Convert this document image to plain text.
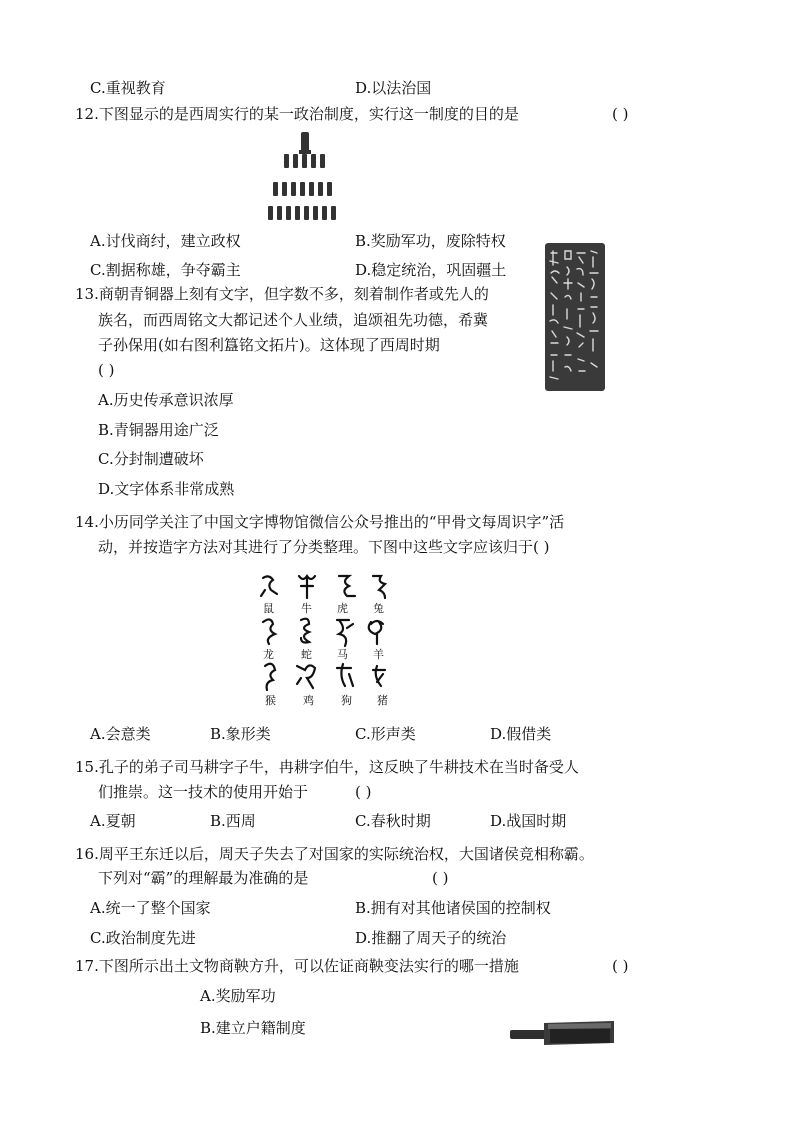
C.重视教育	D.以法治国
12.下图显示的是西周实行的某一政治制度，实行这一制度的目的是	( )
A.讨伐商纣，建立政权	B.奖励军功，废除特权
C.割据称雄，争夺霸主	D.稳定统治，巩固疆土
13.商朝青铜器上刻有文字，但字数不多，刻着制作者或先人的
族名，而西周铭文大都记述个人业绩，追颂祖先功德，希冀
子孙保用(如右图利簋铭文拓片)。这体现了西周时期
( )
A.历史传承意识浓厚
B.青铜器用途广泛
C.分封制遭破坏
D.文字体系非常成熟
14.小历同学关注了中国文字博物馆微信公众号推出的“甲骨文每周识字”活
动，并按造字方法对其进行了分类整理。下图中这些文字应该归于( )
鼠 牛 虎 兔
龙 蛇 马 羊
猴 鸡 狗 猪
A.会意类	B.象形类	C.形声类	D.假借类
15.孔子的弟子司马耕字子牛，冉耕字伯牛，这反映了牛耕技术在当时备受人
们推崇。这一技术的使用开始于	( )
A.夏朝	B.西周	C.春秋时期	D.战国时期
16.周平王东迁以后，周天子失去了对国家的实际统治权，大国诸侯竞相称霸。
下列对“霸”的理解最为准确的是	( )
A.统一了整个国家	B.拥有对其他诸侯国的控制权
C.政治制度先进	D.推翻了周天子的统治
17.下图所示出土文物商鞅方升，可以佐证商鞅变法实行的哪一措施	( )
A.奖励军功
B.建立户籍制度
